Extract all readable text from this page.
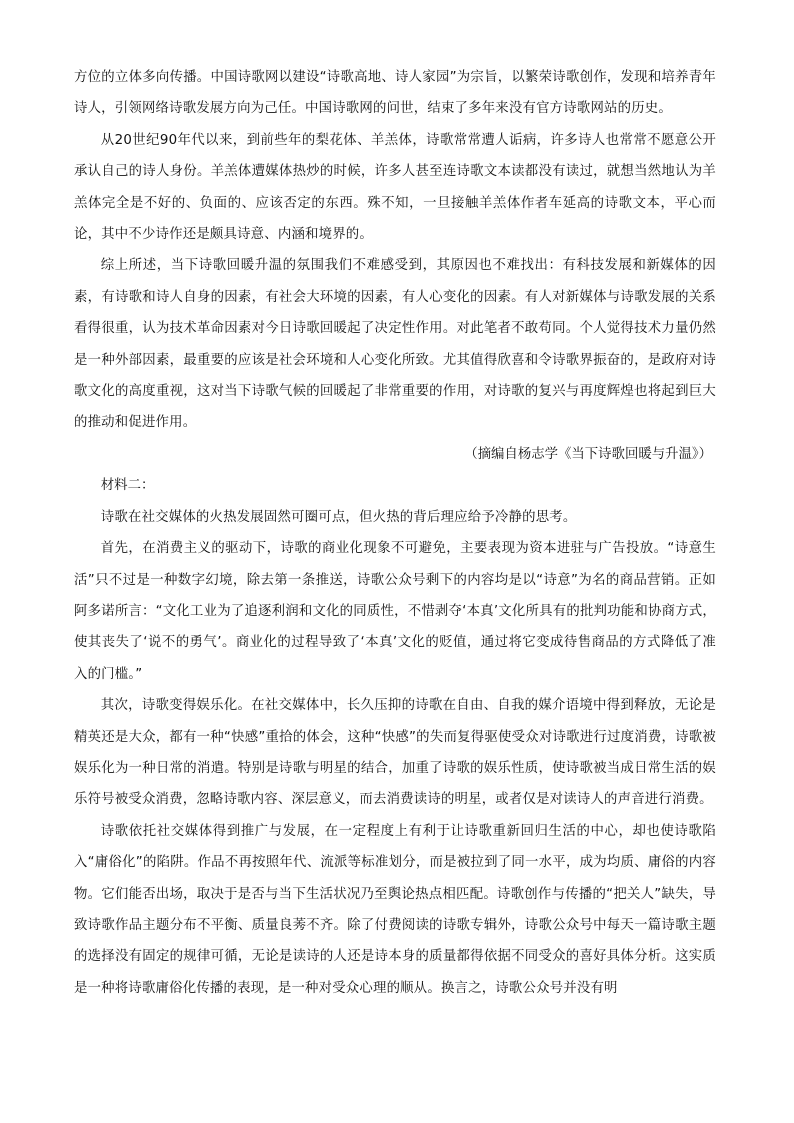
方位的立体多向传播。中国诗歌网以建设“诗歌高地、诗人家园”为宗旨，以繁荣诗歌创作，发现和培养青年诗人，引领网络诗歌发展方向为己任。中国诗歌网的问世，结束了多年来没有官方诗歌网站的历史。

从20世纪90年代以来，到前些年的梨花体、羊羔体，诗歌常常遭人诟病，许多诗人也常常不愿意公开承认自己的诗人身份。羊羔体遭媒体热炒的时候，许多人甚至连诗歌文本读都没有读过，就想当然地认为羊羔体完全是不好的、负面的、应该否定的东西。殊不知，一旦接触羊羔体作者车延高的诗歌文本，平心而论，其中不少诗作还是颇具诗意、内涵和境界的。

综上所述，当下诗歌回暖升温的氛围我们不难感受到，其原因也不难找出：有科技发展和新媒体的因素，有诗歌和诗人自身的因素，有社会大环境的因素，有人心变化的因素。有人对新媒体与诗歌发展的关系看得很重，认为技术革命因素对今日诗歌回暖起了决定性作用。对此笔者不敢苟同。个人觉得技术力量仍然是一种外部因素，最重要的应该是社会环境和人心变化所致。尤其值得欣喜和令诗歌界振奋的，是政府对诗歌文化的高度重视，这对当下诗歌气候的回暖起了非常重要的作用，对诗歌的复兴与再度辉煌也将起到巨大的推动和促进作用。

（摘编自杨志学《当下诗歌回暖与升温》）

材料二：

诗歌在社交媒体的火热发展固然可圈可点，但火热的背后理应给予冷静的思考。

首先，在消费主义的驱动下，诗歌的商业化现象不可避免，主要表现为资本进驻与广告投放。“诗意生活”只不过是一种数字幻境，除去第一条推送，诗歌公众号剩下的内容均是以“诗意”为名的商品营销。正如阿多诺所言：“文化工业为了追逐利润和文化的同质性，不惜剥夺‘本真’文化所具有的批判功能和协商方式，使其丧失了‘说不的勇气’。商业化的过程导致了‘本真’文化的贬值，通过将它变成待售商品的方式降低了准入的门槛。”

其次，诗歌变得娱乐化。在社交媒体中，长久压抑的诗歌在自由、自我的媒介语境中得到释放，无论是精英还是大众，都有一种“快感”重拾的体会，这种“快感”的失而复得驱使受众对诗歌进行过度消费，诗歌被娱乐化为一种日常的消遣。特别是诗歌与明星的结合，加重了诗歌的娱乐性质，使诗歌被当成日常生活的娱乐符号被受众消费，忽略诗歌内容、深层意义，而去消费读诗的明星，或者仅是对读诗人的声音进行消费。

诗歌依托社交媒体得到推广与发展，在一定程度上有利于让诗歌重新回归生活的中心，却也使诗歌陷入“庸俗化”的陷阱。作品不再按照年代、流派等标准划分，而是被拉到了同一水平，成为均质、庸俗的内容物。它们能否出场，取决于是否与当下生活状况乃至舆论热点相匹配。诗歌创作与传播的“把关人”缺失，导致诗歌作品主题分布不平衡、质量良莠不齐。除了付费阅读的诗歌专辑外，诗歌公众号中每天一篇诗歌主题的选择没有固定的规律可循，无论是读诗的人还是诗本身的质量都得依据不同受众的喜好具体分析。这实质是一种将诗歌庸俗化传播的表现，是一种对受众心理的顺从。换言之，诗歌公众号并没有明
